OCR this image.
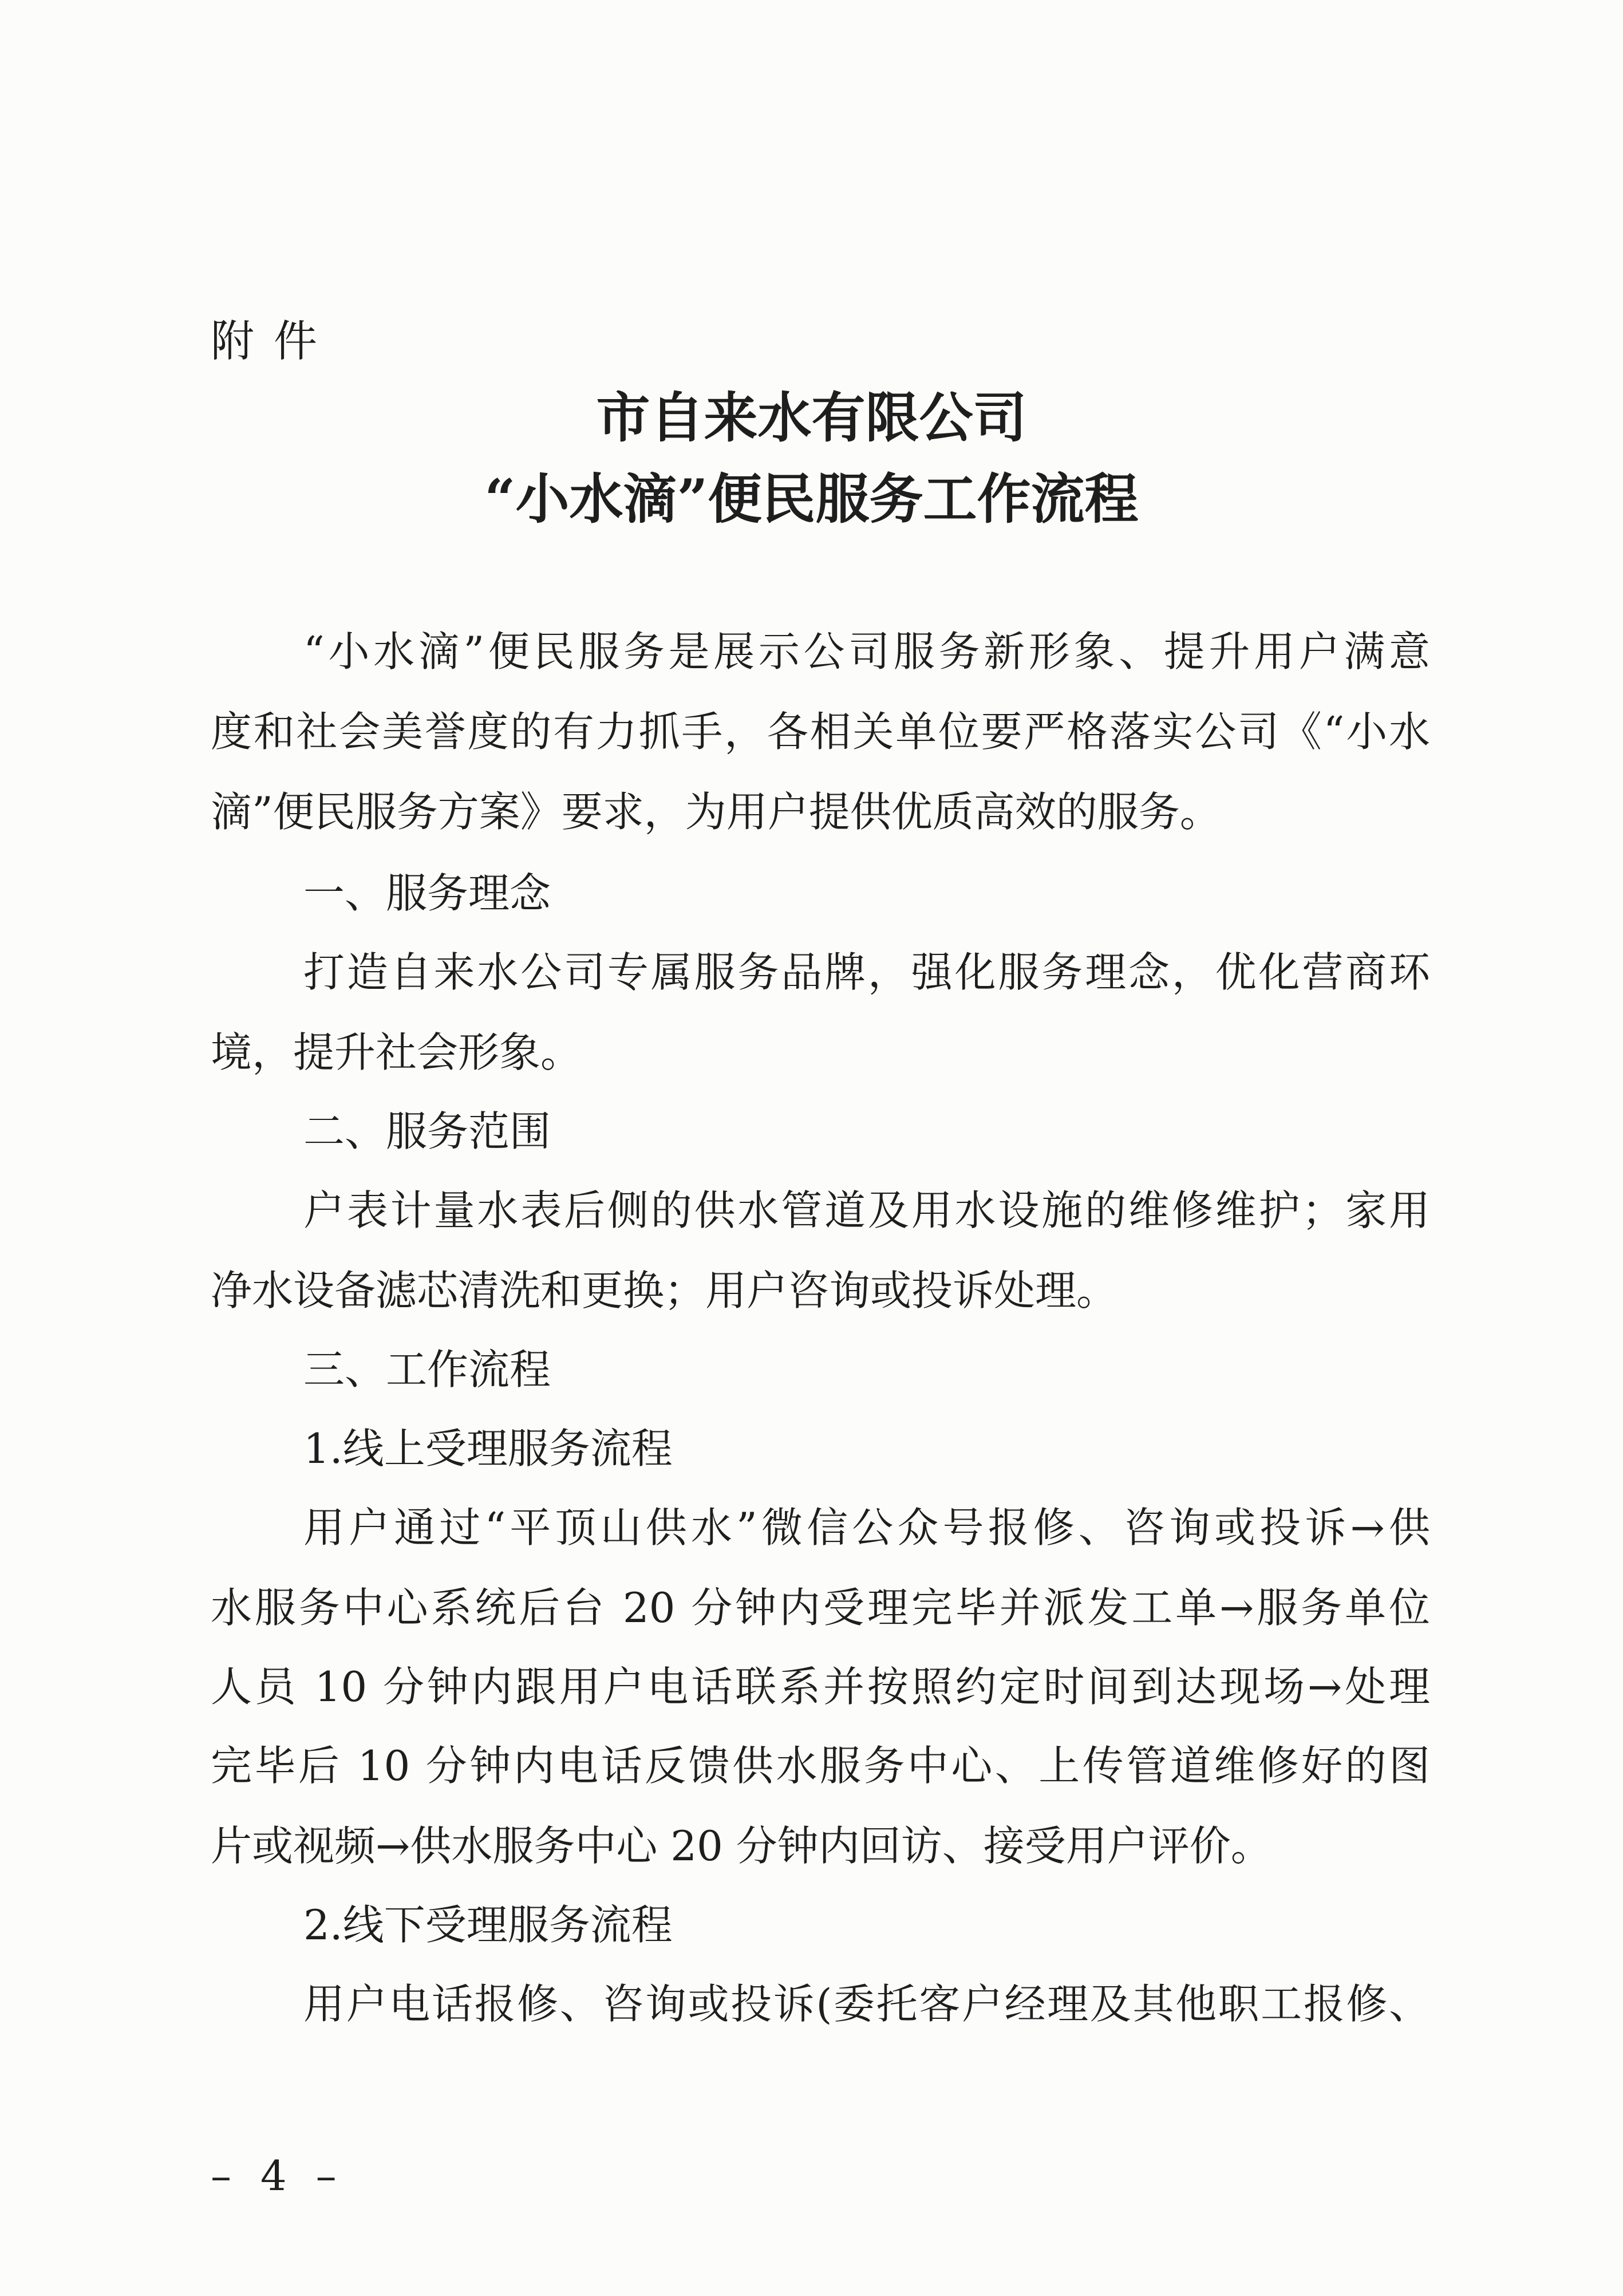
附件
市自来水有限公司
“小水滴”便民服务工作流程
“小水滴”便民服务是展示公司服务新形象、提升用户满意
度和社会美誉度的有力抓手，各相关单位要严格落实公司《“小水
滴”便民服务方案》要求，为用户提供优质高效的服务。
一、服务理念
打造自来水公司专属服务品牌，强化服务理念，优化营商环
境，提升社会形象。
二、服务范围
户表计量水表后侧的供水管道及用水设施的维修维护；家用
净水设备滤芯清洗和更换；用户咨询或投诉处理。
三、工作流程
1.线上受理服务流程
用户通过“平顶山供水”微信公众号报修、咨询或投诉→供
水服务中心系统后台 20 分钟内受理完毕并派发工单→服务单位
人员 10 分钟内跟用户电话联系并按照约定时间到达现场→处理
完毕后 10 分钟内电话反馈供水服务中心、上传管道维修好的图
片或视频→供水服务中心 20 分钟内回访、接受用户评价。
2.线下受理服务流程
用户电话报修、咨询或投诉(委托客户经理及其他职工报修、
– 4 –
